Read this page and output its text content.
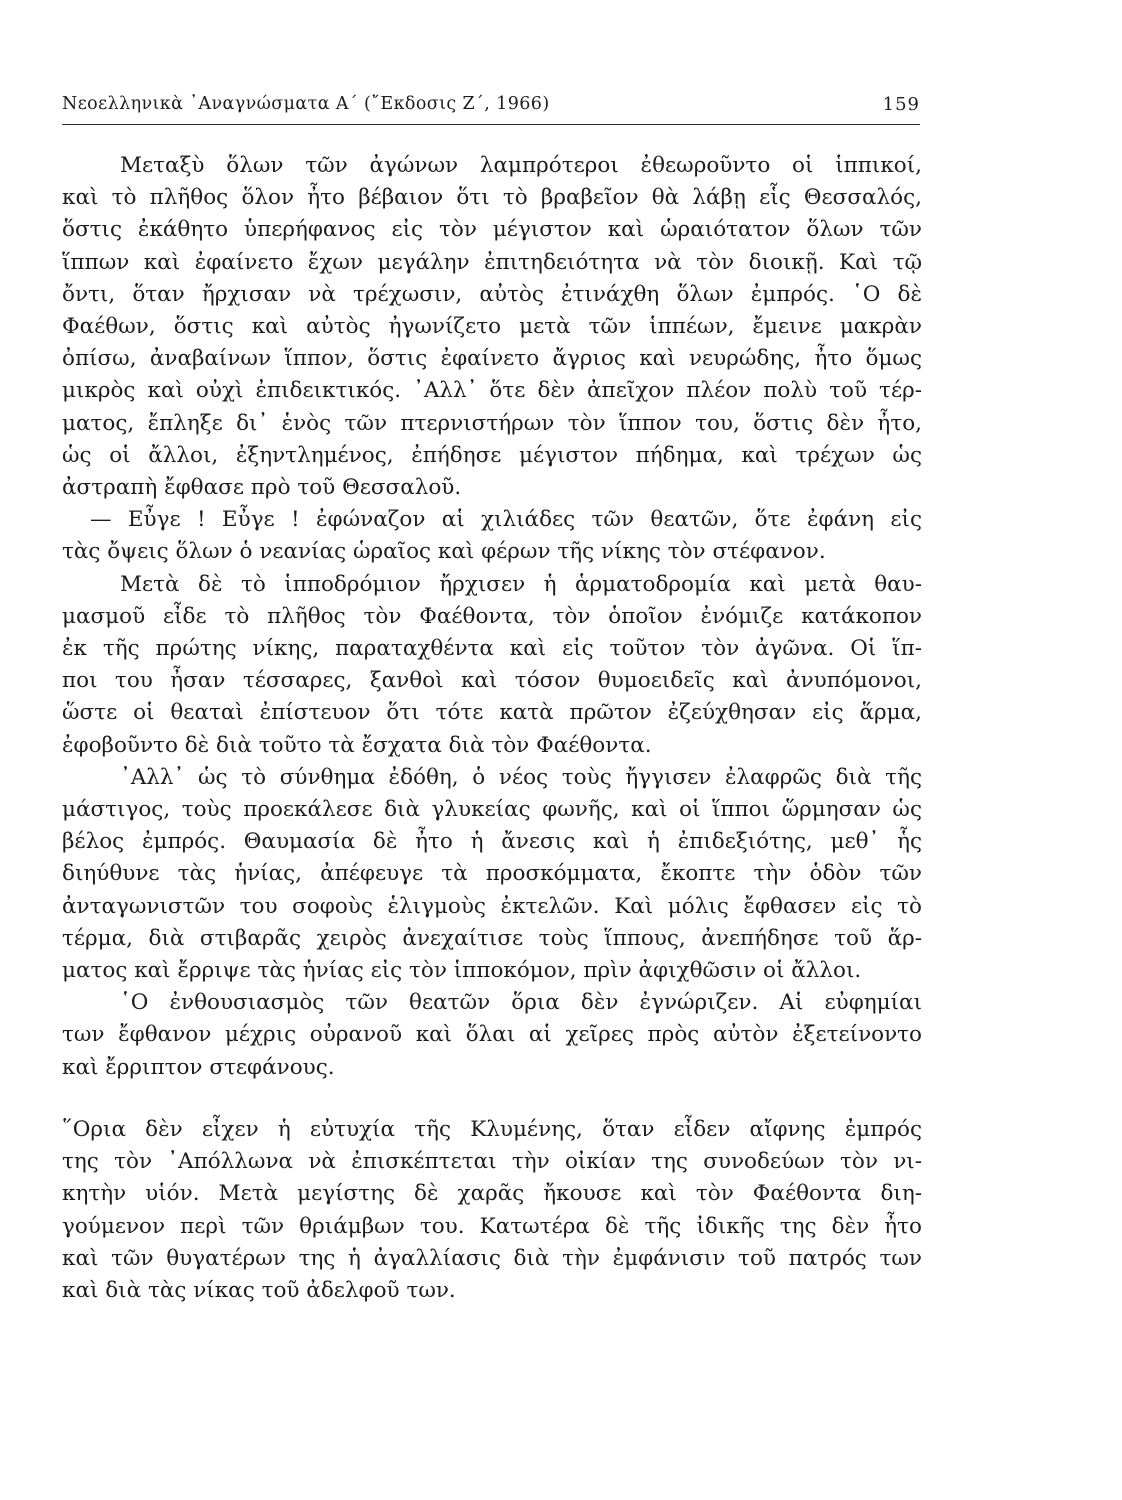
Νεοελληνικὰ ᾿Αναγνώσματα Α΄ (῎Εκδοσις Ζ΄, 1966)	159
Μεταξὺ ὅλων τῶν ἀγώνων λαμπρότεροι ἐθεωροῦντο οἱ ἱππικοί,
καὶ τὸ πλῆθος ὅλον ἦτο βέβαιον ὅτι τὸ βραβεῖον θὰ λάβῃ εἷς Θεσσαλός,
ὅστις ἐκάθητο ὑπερήφανος εἰς τὸν μέγιστον καὶ ὡραιότατον ὅλων τῶν
ἵππων καὶ ἐφαίνετο ἔχων μεγάλην ἐπιτηδειότητα νὰ τὸν διοικῇ. Καὶ τῷ
ὄντι, ὅταν ἤρχισαν νὰ τρέχωσιν, αὐτὸς ἐτινάχθη ὅλων ἐμπρός. ῾Ο δὲ
Φαέθων, ὅστις καὶ αὐτὸς ἠγωνίζετο μετὰ τῶν ἱππέων, ἔμεινε μακρὰν
ὀπίσω, ἀναβαίνων ἵππον, ὅστις ἐφαίνετο ἄγριος καὶ νευρώδης, ἦτο ὅμως
μικρὸς καὶ οὐχὶ ἐπιδεικτικός. ᾿Αλλ᾿ ὅτε δὲν ἀπεῖχον πλέον πολὺ τοῦ τέρ-
ματος, ἔπληξε δι᾿ ἑνὸς τῶν πτερνιστήρων τὸν ἵππον του, ὅστις δὲν ἦτο,
ὡς οἱ ἄλλοι, ἐξηντλημένος, ἐπήδησε μέγιστον πήδημα, καὶ τρέχων ὡς
ἀστραπὴ ἔφθασε πρὸ τοῦ Θεσσαλοῦ.
— Εὖγε ! Εὖγε ! ἐφώναζον αἱ χιλιάδες τῶν θεατῶν, ὅτε ἐφάνη εἰς
τὰς ὄψεις ὅλων ὁ νεανίας ὡραῖος καὶ φέρων τῆς νίκης τὸν στέφανον.
Μετὰ δὲ τὸ ἱπποδρόμιον ἤρχισεν ἡ ἁρματοδρομία καὶ μετὰ θαυ-
μασμοῦ εἶδε τὸ πλῆθος τὸν Φαέθοντα, τὸν ὁποῖον ἐνόμιζε κατάκοπον
ἐκ τῆς πρώτης νίκης, παραταχθέντα καὶ εἰς τοῦτον τὸν ἀγῶνα. Οἱ ἵπ-
ποι του ἦσαν τέσσαρες, ξανθοὶ καὶ τόσον θυμοειδεῖς καὶ ἀνυπόμονοι,
ὥστε οἱ θεαταὶ ἐπίστευον ὅτι τότε κατὰ πρῶτον ἐζεύχθησαν εἰς ἅρμα,
ἐφοβοῦντο δὲ διὰ τοῦτο τὰ ἔσχατα διὰ τὸν Φαέθοντα.
᾿Αλλ᾿ ὡς τὸ σύνθημα ἐδόθη, ὁ νέος τοὺς ἤγγισεν ἐλαφρῶς διὰ τῆς
μάστιγος, τοὺς προεκάλεσε διὰ γλυκείας φωνῆς, καὶ οἱ ἵπποι ὥρμησαν ὡς
βέλος ἐμπρός. Θαυμασία δὲ ἦτο ἡ ἄνεσις καὶ ἡ ἐπιδεξιότης, μεθ᾿ ἧς
διηύθυνε τὰς ἡνίας, ἀπέφευγε τὰ προσκόμματα, ἔκοπτε τὴν ὁδὸν τῶν
ἀνταγωνιστῶν του σοφοὺς ἑλιγμοὺς ἐκτελῶν. Καὶ μόλις ἔφθασεν εἰς τὸ
τέρμα, διὰ στιβαρᾶς χειρὸς ἀνεχαίτισε τοὺς ἵππους, ἀνεπήδησε τοῦ ἅρ-
ματος καὶ ἔρριψε τὰς ἡνίας εἰς τὸν ἱπποκόμον, πρὶν ἀφιχθῶσιν οἱ ἄλλοι.
῾Ο ἐνθουσιασμὸς τῶν θεατῶν ὅρια δὲν ἐγνώριζεν. Αἱ εὐφημίαι
των ἔφθανον μέχρις οὐρανοῦ καὶ ὅλαι αἱ χεῖρες πρὸς αὐτὸν ἐξετείνοντο
καὶ ἔρριπτον στεφάνους.
῞Ορια δὲν εἶχεν ἡ εὐτυχία τῆς Κλυμένης, ὅταν εἶδεν αἴφνης ἐμπρός
της τὸν ᾿Απόλλωνα νὰ ἐπισκέπτεται τὴν οἰκίαν της συνοδεύων τὸν νι-
κητὴν υἱόν. Μετὰ μεγίστης δὲ χαρᾶς ἤκουσε καὶ τὸν Φαέθοντα διη-
γούμενον περὶ τῶν θριάμβων του. Κατωτέρα δὲ τῆς ἰδικῆς της δὲν ἦτο
καὶ τῶν θυγατέρων της ἡ ἀγαλλίασις διὰ τὴν ἐμφάνισιν τοῦ πατρός των
καὶ διὰ τὰς νίκας τοῦ ἀδελφοῦ των.
